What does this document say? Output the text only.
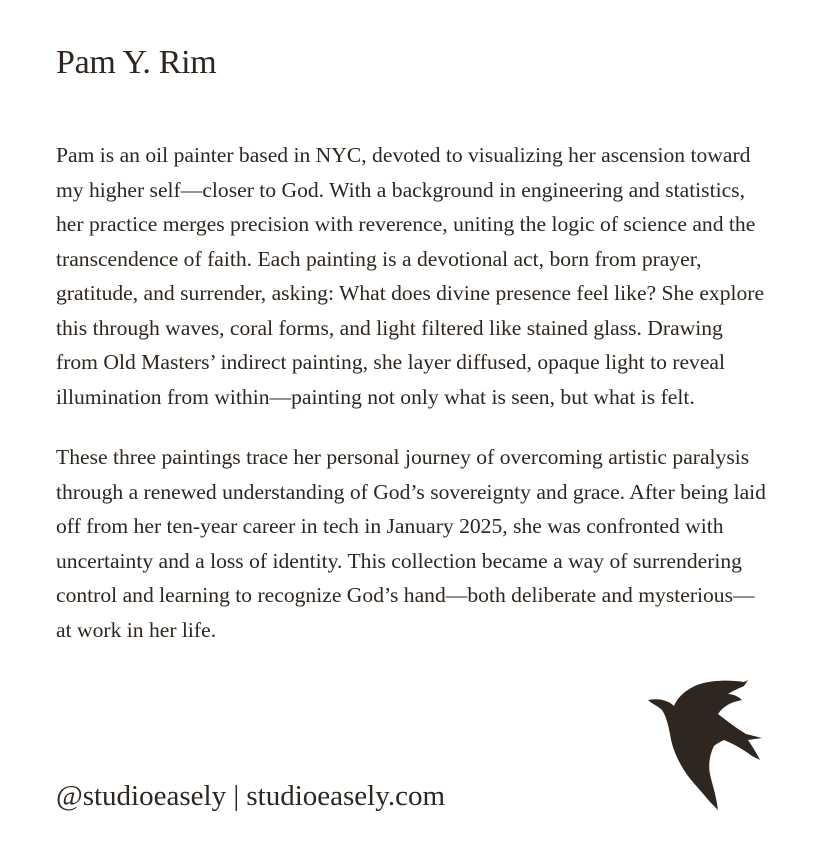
Pam Y. Rim

Pam is an oil painter based in NYC, devoted to visualizing her ascension toward my higher self—closer to God. With a background in engineering and statistics, her practice merges precision with reverence, uniting the logic of science and the transcendence of faith. Each painting is a devotional act, born from prayer, gratitude, and surrender, asking: What does divine presence feel like? She explore this through waves, coral forms, and light filtered like stained glass. Drawing from Old Masters’ indirect painting, she layer diffused, opaque light to reveal illumination from within—painting not only what is seen, but what is felt.

These three paintings trace her personal journey of overcoming artistic paralysis through a renewed understanding of God’s sovereignty and grace. After being laid off from her ten-year career in tech in January 2025, she was confronted with uncertainty and a loss of identity. This collection became a way of surrendering control and learning to recognize God’s hand—both deliberate and mysterious—at work in her life.

@studioeasely | studioeasely.com
